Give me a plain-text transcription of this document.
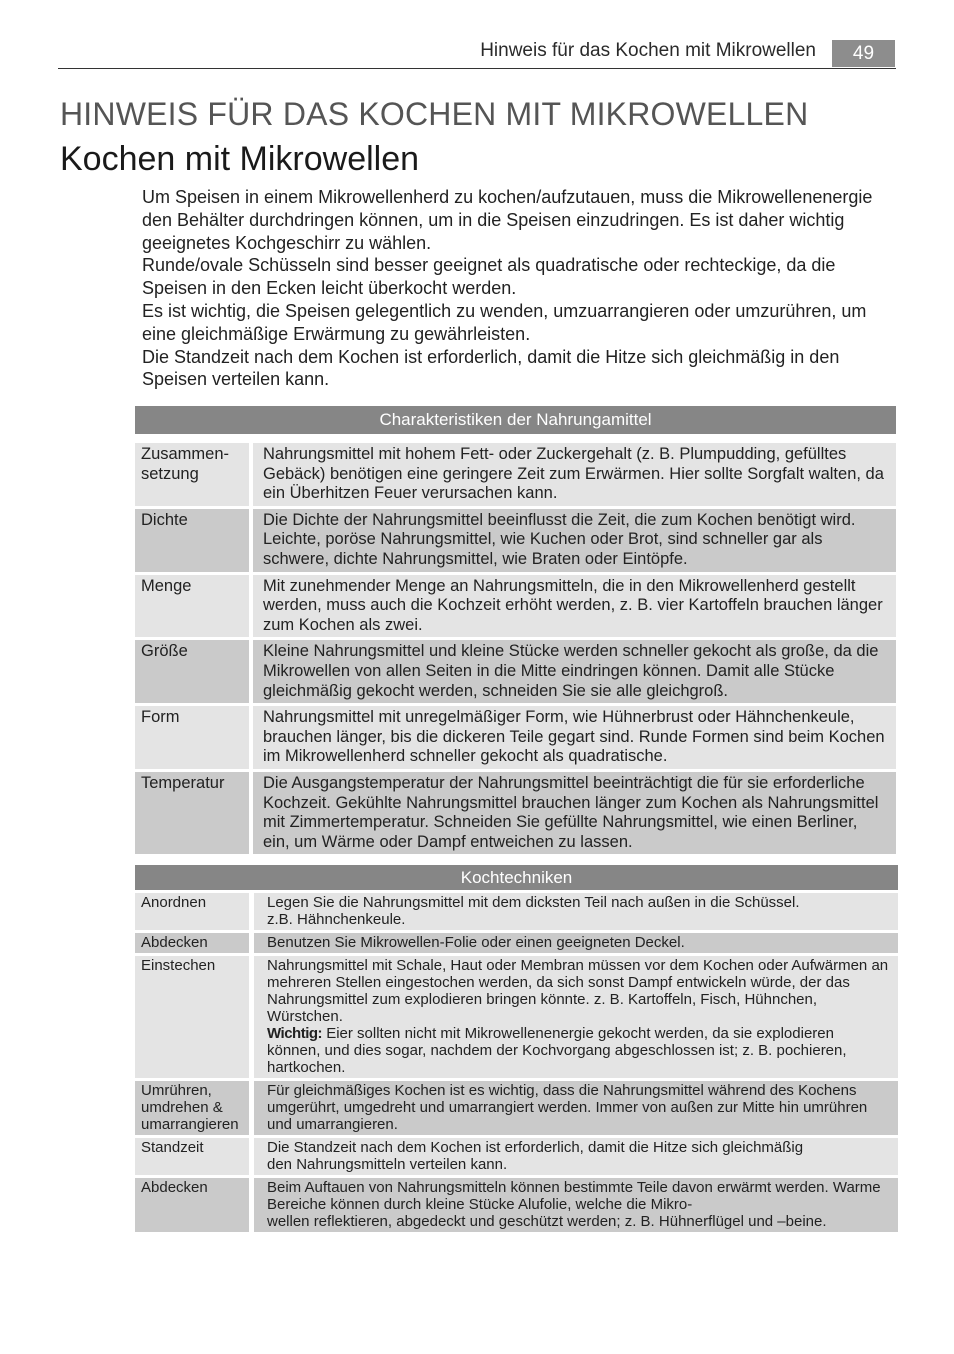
Hinweis für das Kochen mit Mikrowellen	49
HINWEIS FÜR DAS KOCHEN MIT MIKROWELLEN
Kochen mit Mikrowellen

Um Speisen in einem Mikrowellenherd zu kochen/aufzutauen, muss die Mikrowellenenergie den Behälter durchdringen können, um in die Speisen einzudringen. Es ist daher wichtig geeignetes Kochgeschirr zu wählen.

Runde/ovale Schüsseln sind besser geeignet als quadratische oder rechteckige, da die Speisen in den Ecken leicht überkocht werden.

Es ist wichtig, die Speisen gelegentlich zu wenden, umzuarrangieren oder umzurühren, um eine gleichmäßige Erwärmung zu gewährleisten.

Die Standzeit nach dem Kochen ist erforderlich, damit die Hitze sich gleichmäßig in den Speisen verteilen kann.

Charakteristiken der Nahrungamittel		

Zusammen-
setzung		Nahrungsmittel mit hohem Fett- oder Zuckergehalt (z. B. Plumpudding, gefülltes Gebäck) benötigen eine geringere Zeit zum Erwärmen. Hier sollte Sorgfalt walten, da ein Überhitzen Feuer verursachen kann.
Dichte		Die Dichte der Nahrungsmittel beeinflusst die Zeit, die zum Kochen benötigt wird. Leichte, poröse Nahrungsmittel, wie Kuchen oder Brot, sind schneller gar als schwere, dichte Nahrungsmittel, wie Braten oder Eintöpfe.
Menge		Mit zunehmender Menge an Nahrungsmitteln, die in den Mikrowellenherd gestellt werden, muss auch die Kochzeit erhöht werden, z. B. vier Kartoffeln brauchen länger zum Kochen als zwei.
Größe		Kleine Nahrungsmittel und kleine Stücke werden schneller gekocht als große, da die Mikrowellen von allen Seiten in die Mitte eindringen können. Damit alle Stücke gleichmäßig gekocht werden, schneiden Sie sie alle gleichgroß.
Form		Nahrungsmittel mit unregelmäßiger Form, wie Hühnerbrust oder Hähnchenkeule, brauchen länger, bis die dickeren Teile gegart sind. Runde Formen sind beim Kochen im Mikrowellenherd schneller gekocht als quadratische.
Temperatur		Die Ausgangstemperatur der Nahrungsmittel beeinträchtigt die für sie erforderliche Kochzeit. Gekühlte Nahrungsmittel brauchen länger zum Kochen als Nahrungsmittel mit Zimmertemperatur. Schneiden Sie gefüllte Nahrungsmittel, wie einen Berliner, ein, um Wärme oder Dampf entweichen zu lassen.
Kochtechniken		
Anordnen		Legen Sie die Nahrungsmittel mit dem dicksten Teil nach außen in die Schüssel.
z.B. Hähnchenkeule.
Abdecken		Benutzen Sie Mikrowellen-Folie oder einen geeigneten Deckel.
Einstechen		Nahrungsmittel mit Schale, Haut oder Membran müssen vor dem Kochen oder Aufwärmen an mehreren Stellen eingestochen werden, da sich sonst Dampf entwickeln würde, der das Nahrungsmittel zum explodieren bringen könnte. z. B. Kartoffeln, Fisch, Hühnchen, Würstchen.
Wichtig: Eier sollten nicht mit Mikrowellenenergie gekocht werden, da sie explodieren können, und dies sogar, nachdem der Kochvorgang abgeschlossen ist; z. B. pochieren, hartkochen.
Umrühren,
umdrehen &
umarrangieren		Für gleichmäßiges Kochen ist es wichtig, dass die Nahrungsmittel während des Kochens umgerührt, umgedreht und umarrangiert werden. Immer von außen zur Mitte hin umrühren und umarrangieren.
Standzeit		Die Standzeit nach dem Kochen ist erforderlich, damit die Hitze sich gleichmäßig
den Nahrungsmitteln verteilen kann.
Abdecken		Beim Auftauen von Nahrungsmitteln können bestimmte Teile davon erwärmt werden. Warme Bereiche können durch kleine Stücke Alufolie, welche die Mikro-
wellen reflektieren, abgedeckt und geschützt werden; z. B. Hühnerflügel und –beine.
